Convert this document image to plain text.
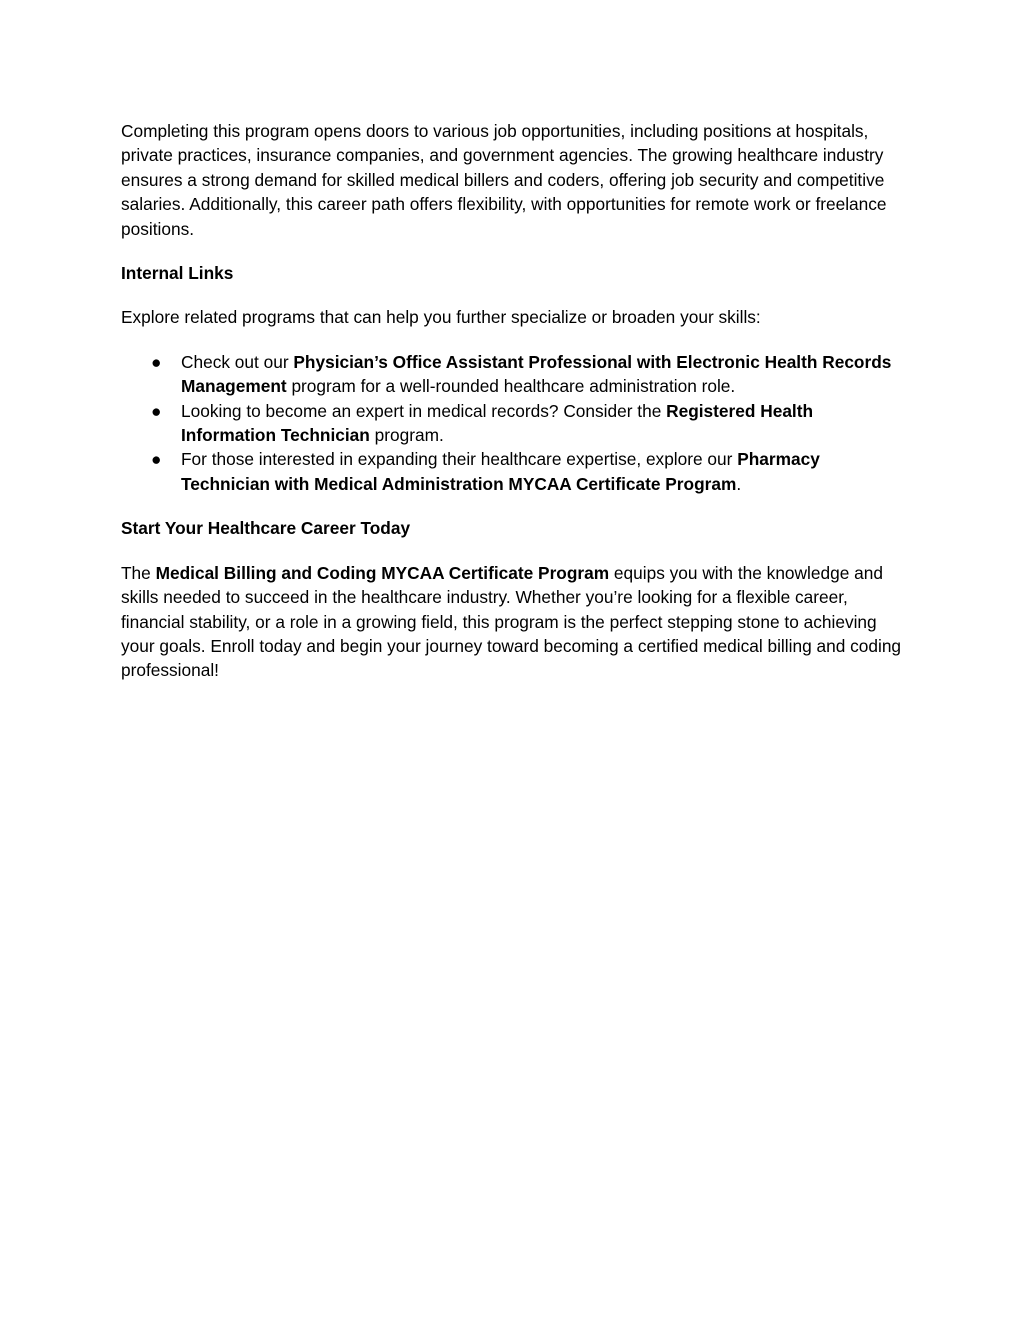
Completing this program opens doors to various job opportunities, including positions at hospitals, private practices, insurance companies, and government agencies. The growing healthcare industry ensures a strong demand for skilled medical billers and coders, offering job security and competitive salaries. Additionally, this career path offers flexibility, with opportunities for remote work or freelance positions.

Internal Links

Explore related programs that can help you further specialize or broaden your skills:

● Check out our Physician’s Office Assistant Professional with Electronic Health Records Management program for a well-rounded healthcare administration role.
● Looking to become an expert in medical records? Consider the Registered Health Information Technician program.
● For those interested in expanding their healthcare expertise, explore our Pharmacy Technician with Medical Administration MYCAA Certificate Program.

Start Your Healthcare Career Today

The Medical Billing and Coding MYCAA Certificate Program equips you with the knowledge and skills needed to succeed in the healthcare industry. Whether you’re looking for a flexible career, financial stability, or a role in a growing field, this program is the perfect stepping stone to achieving your goals. Enroll today and begin your journey toward becoming a certified medical billing and coding professional!
